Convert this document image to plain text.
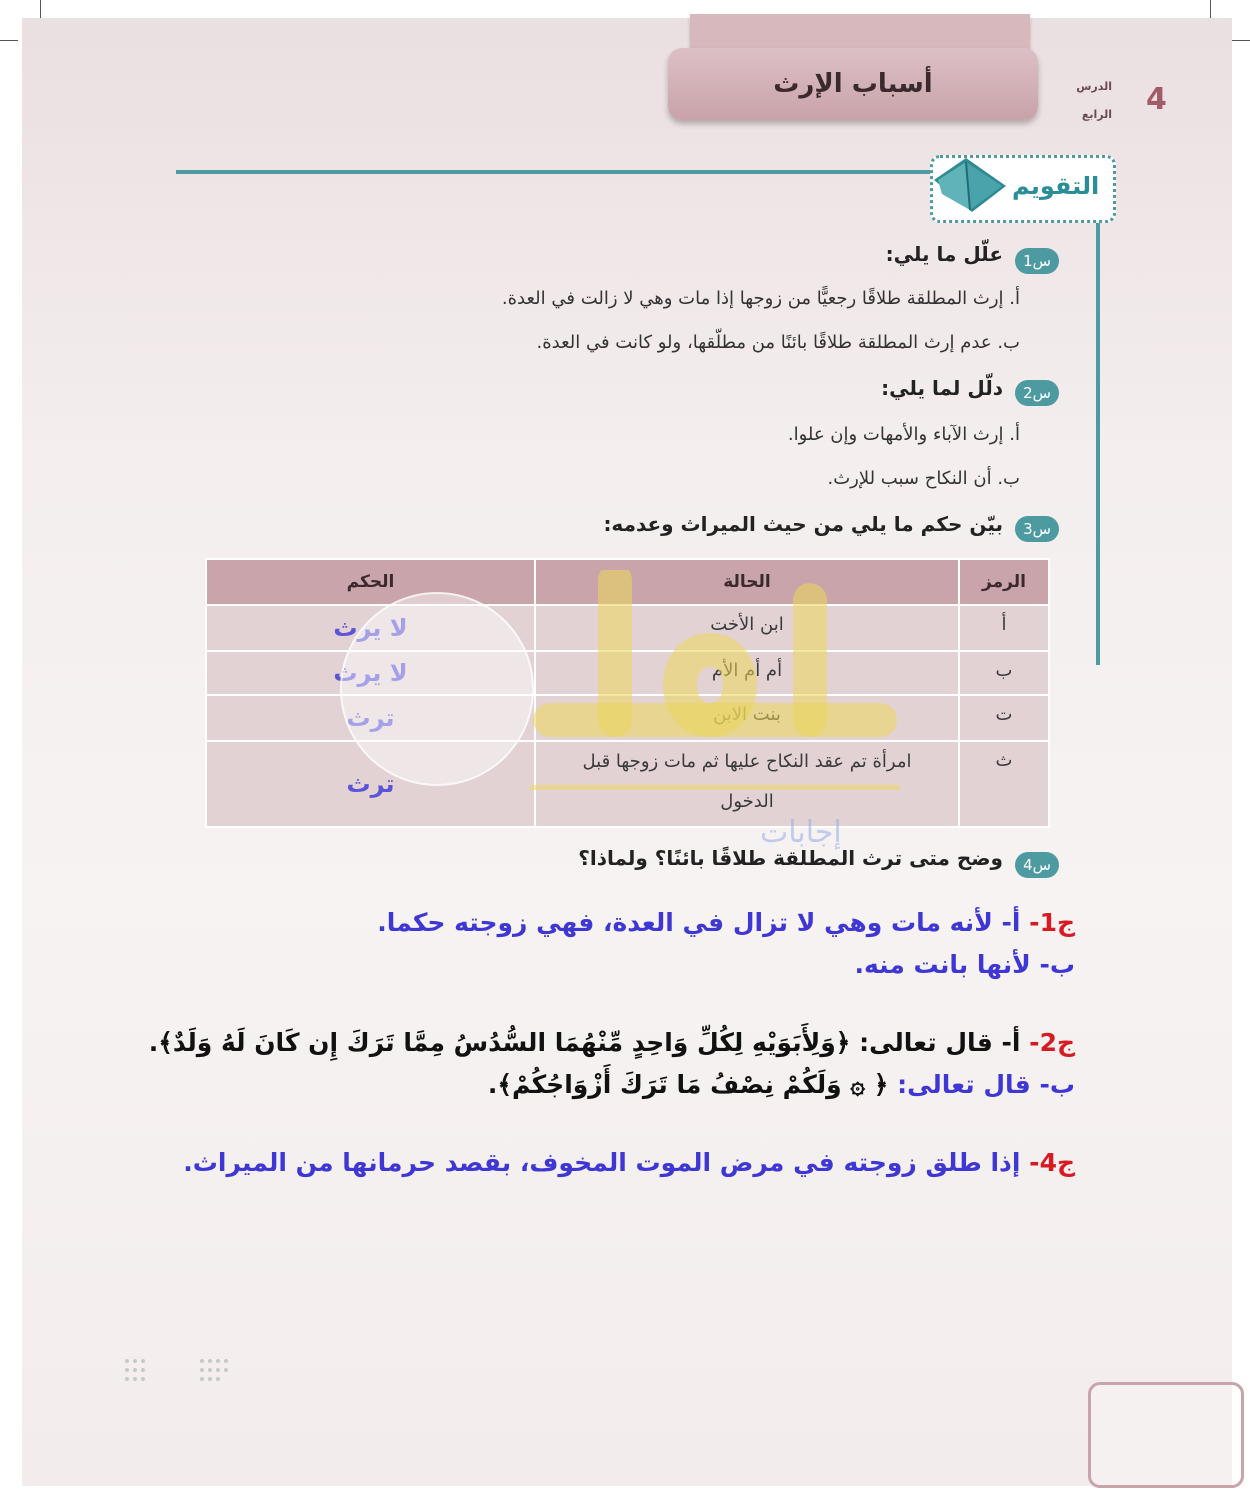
أسباب الإرث	الدرس
الرابع 4
التقويم
س1
علّل ما يلي:
أ. إرث المطلقة طلاقًا رجعيًّا من زوجها إذا مات وهي لا زالت في العدة.
ب. عدم إرث المطلقة طلاقًا بائنًا من مطلّقها، ولو كانت في العدة.
س2
دلّل لما يلي:
أ. إرث الآباء والأمهات وإن علوا.
ب. أن النكاح سبب للإرث.
س3
بيّن حكم ما يلي من حيث الميراث وعدمه:
الرمز	الحالة	الحكم
أ	ابن الأخت	لا يرث
ب	أم أم الأم	لا يرث
ت	بنت الابن	ترث
ث	امرأة تم عقد النكاح عليها ثم مات زوجها قبل الدخول	ترث
إجابات
س4
وضح متى ترث المطلقة طلاقًا بائنًا؟ ولماذا؟
ج1- أ- لأنه مات وهي لا تزال في العدة، فهي زوجته حكما.
ب- لأنها بانت منه.
ج2- أ- قال تعالى: ﴿وَلِأَبَوَيْهِ لِكُلِّ وَاحِدٍ مِّنْهُمَا السُّدُسُ مِمَّا تَرَكَ إِن كَانَ لَهُ وَلَدٌ﴾.
ب- قال تعالى: ﴿ ۞ وَلَكُمْ نِصْفُ مَا تَرَكَ أَزْوَاجُكُمْ﴾.
ج4- إذا طلق زوجته في مرض الموت المخوف، بقصد حرمانها من الميراث.
